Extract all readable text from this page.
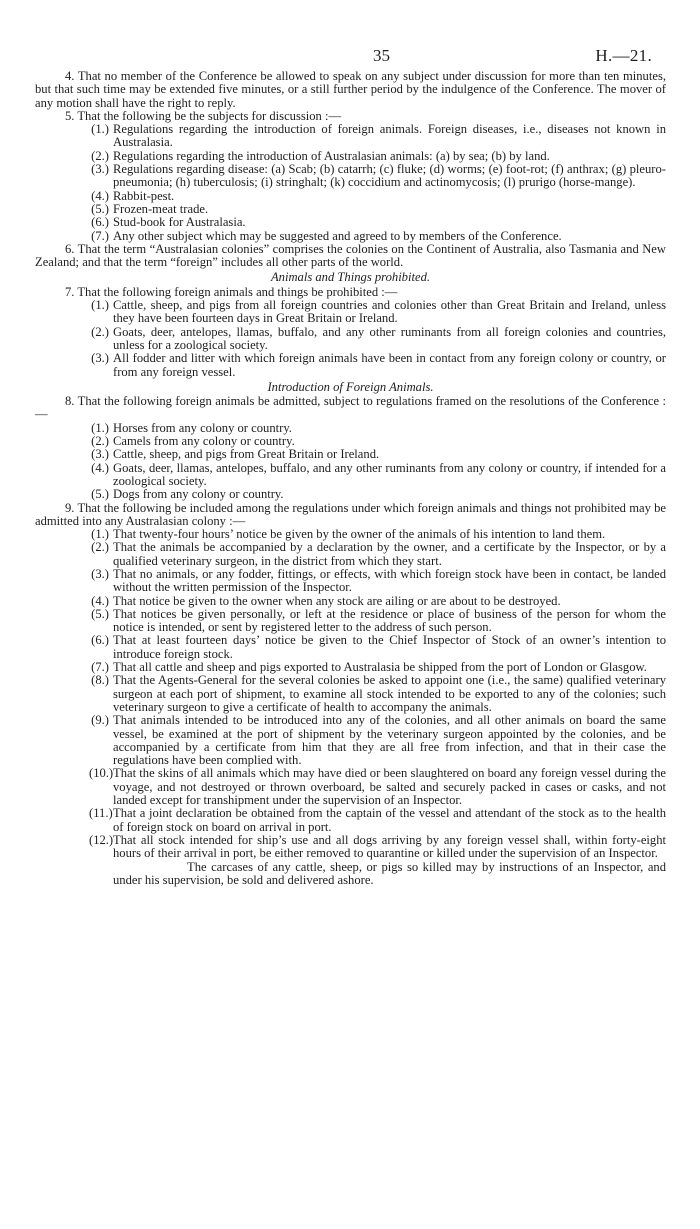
35	H.—21.

4. That no member of the Conference be allowed to speak on any subject under discussion for more than ten minutes, but that such time may be extended five minutes, or a still further period by the indulgence of the Conference. The mover of any motion shall have the right to reply.

5. That the following be the subjects for discussion :—

(1.) Regulations regarding the introduction of foreign animals. Foreign diseases, i.e., diseases not known in Australasia.

(2.) Regulations regarding the introduction of Australasian animals: (a) by sea; (b) by land.

(3.) Regulations regarding disease: (a) Scab; (b) catarrh; (c) fluke; (d) worms; (e) foot-rot; (f) anthrax; (g) pleuro-pneumonia; (h) tuberculosis; (i) stringhalt; (k) coccidium and actinomycosis; (l) prurigo (horse-mange).

(4.) Rabbit-pest.

(5.) Frozen-meat trade.

(6.) Stud-book for Australasia.

(7.) Any other subject which may be suggested and agreed to by members of the Conference.

6. That the term “Australasian colonies” comprises the colonies on the Continent of Australia, also Tasmania and New Zealand; and that the term “foreign” includes all other parts of the world.

Animals and Things prohibited.

7. That the following foreign animals and things be prohibited :—

(1.) Cattle, sheep, and pigs from all foreign countries and colonies other than Great Britain and Ireland, unless they have been fourteen days in Great Britain or Ireland.

(2.) Goats, deer, antelopes, llamas, buffalo, and any other ruminants from all foreign colonies and countries, unless for a zoological society.

(3.) All fodder and litter with which foreign animals have been in contact from any foreign colony or country, or from any foreign vessel.

Introduction of Foreign Animals.

8. That the following foreign animals be admitted, subject to regulations framed on the resolutions of the Conference :—

(1.) Horses from any colony or country.

(2.) Camels from any colony or country.

(3.) Cattle, sheep, and pigs from Great Britain or Ireland.

(4.) Goats, deer, llamas, antelopes, buffalo, and any other ruminants from any colony or country, if intended for a zoological society.

(5.) Dogs from any colony or country.

9. That the following be included among the regulations under which foreign animals and things not prohibited may be admitted into any Australasian colony :—

(1.) That twenty-four hours’ notice be given by the owner of the animals of his intention to land them.

(2.) That the animals be accompanied by a declaration by the owner, and a certificate by the Inspector, or by a qualified veterinary surgeon, in the district from which they start.

(3.) That no animals, or any fodder, fittings, or effects, with which foreign stock have been in contact, be landed without the written permission of the Inspector.

(4.) That notice be given to the owner when any stock are ailing or are about to be destroyed.

(5.) That notices be given personally, or left at the residence or place of business of the person for whom the notice is intended, or sent by registered letter to the address of such person.

(6.) That at least fourteen days’ notice be given to the Chief Inspector of Stock of an owner’s intention to introduce foreign stock.

(7.) That all cattle and sheep and pigs exported to Australasia be shipped from the port of London or Glasgow.

(8.) That the Agents-General for the several colonies be asked to appoint one (i.e., the same) qualified veterinary surgeon at each port of shipment, to examine all stock intended to be exported to any of the colonies; such veterinary surgeon to give a certificate of health to accompany the animals.

(9.) That animals intended to be introduced into any of the colonies, and all other animals on board the same vessel, be examined at the port of shipment by the veterinary surgeon appointed by the colonies, and be accompanied by a certificate from him that they are all free from infection, and that in their case the regulations have been complied with.

(10.) That the skins of all animals which may have died or been slaughtered on board any foreign vessel during the voyage, and not destroyed or thrown overboard, be salted and securely packed in cases or casks, and not landed except for transhipment under the supervision of an Inspector.

(11.) That a joint declaration be obtained from the captain of the vessel and attendant of the stock as to the health of foreign stock on board on arrival in port.

(12.) That all stock intended for ship’s use and all dogs arriving by any foreign vessel shall, within forty-eight hours of their arrival in port, be either removed to quarantine or killed under the supervision of an Inspector.

The carcases of any cattle, sheep, or pigs so killed may by instructions of an Inspector, and under his supervision, be sold and delivered ashore.
